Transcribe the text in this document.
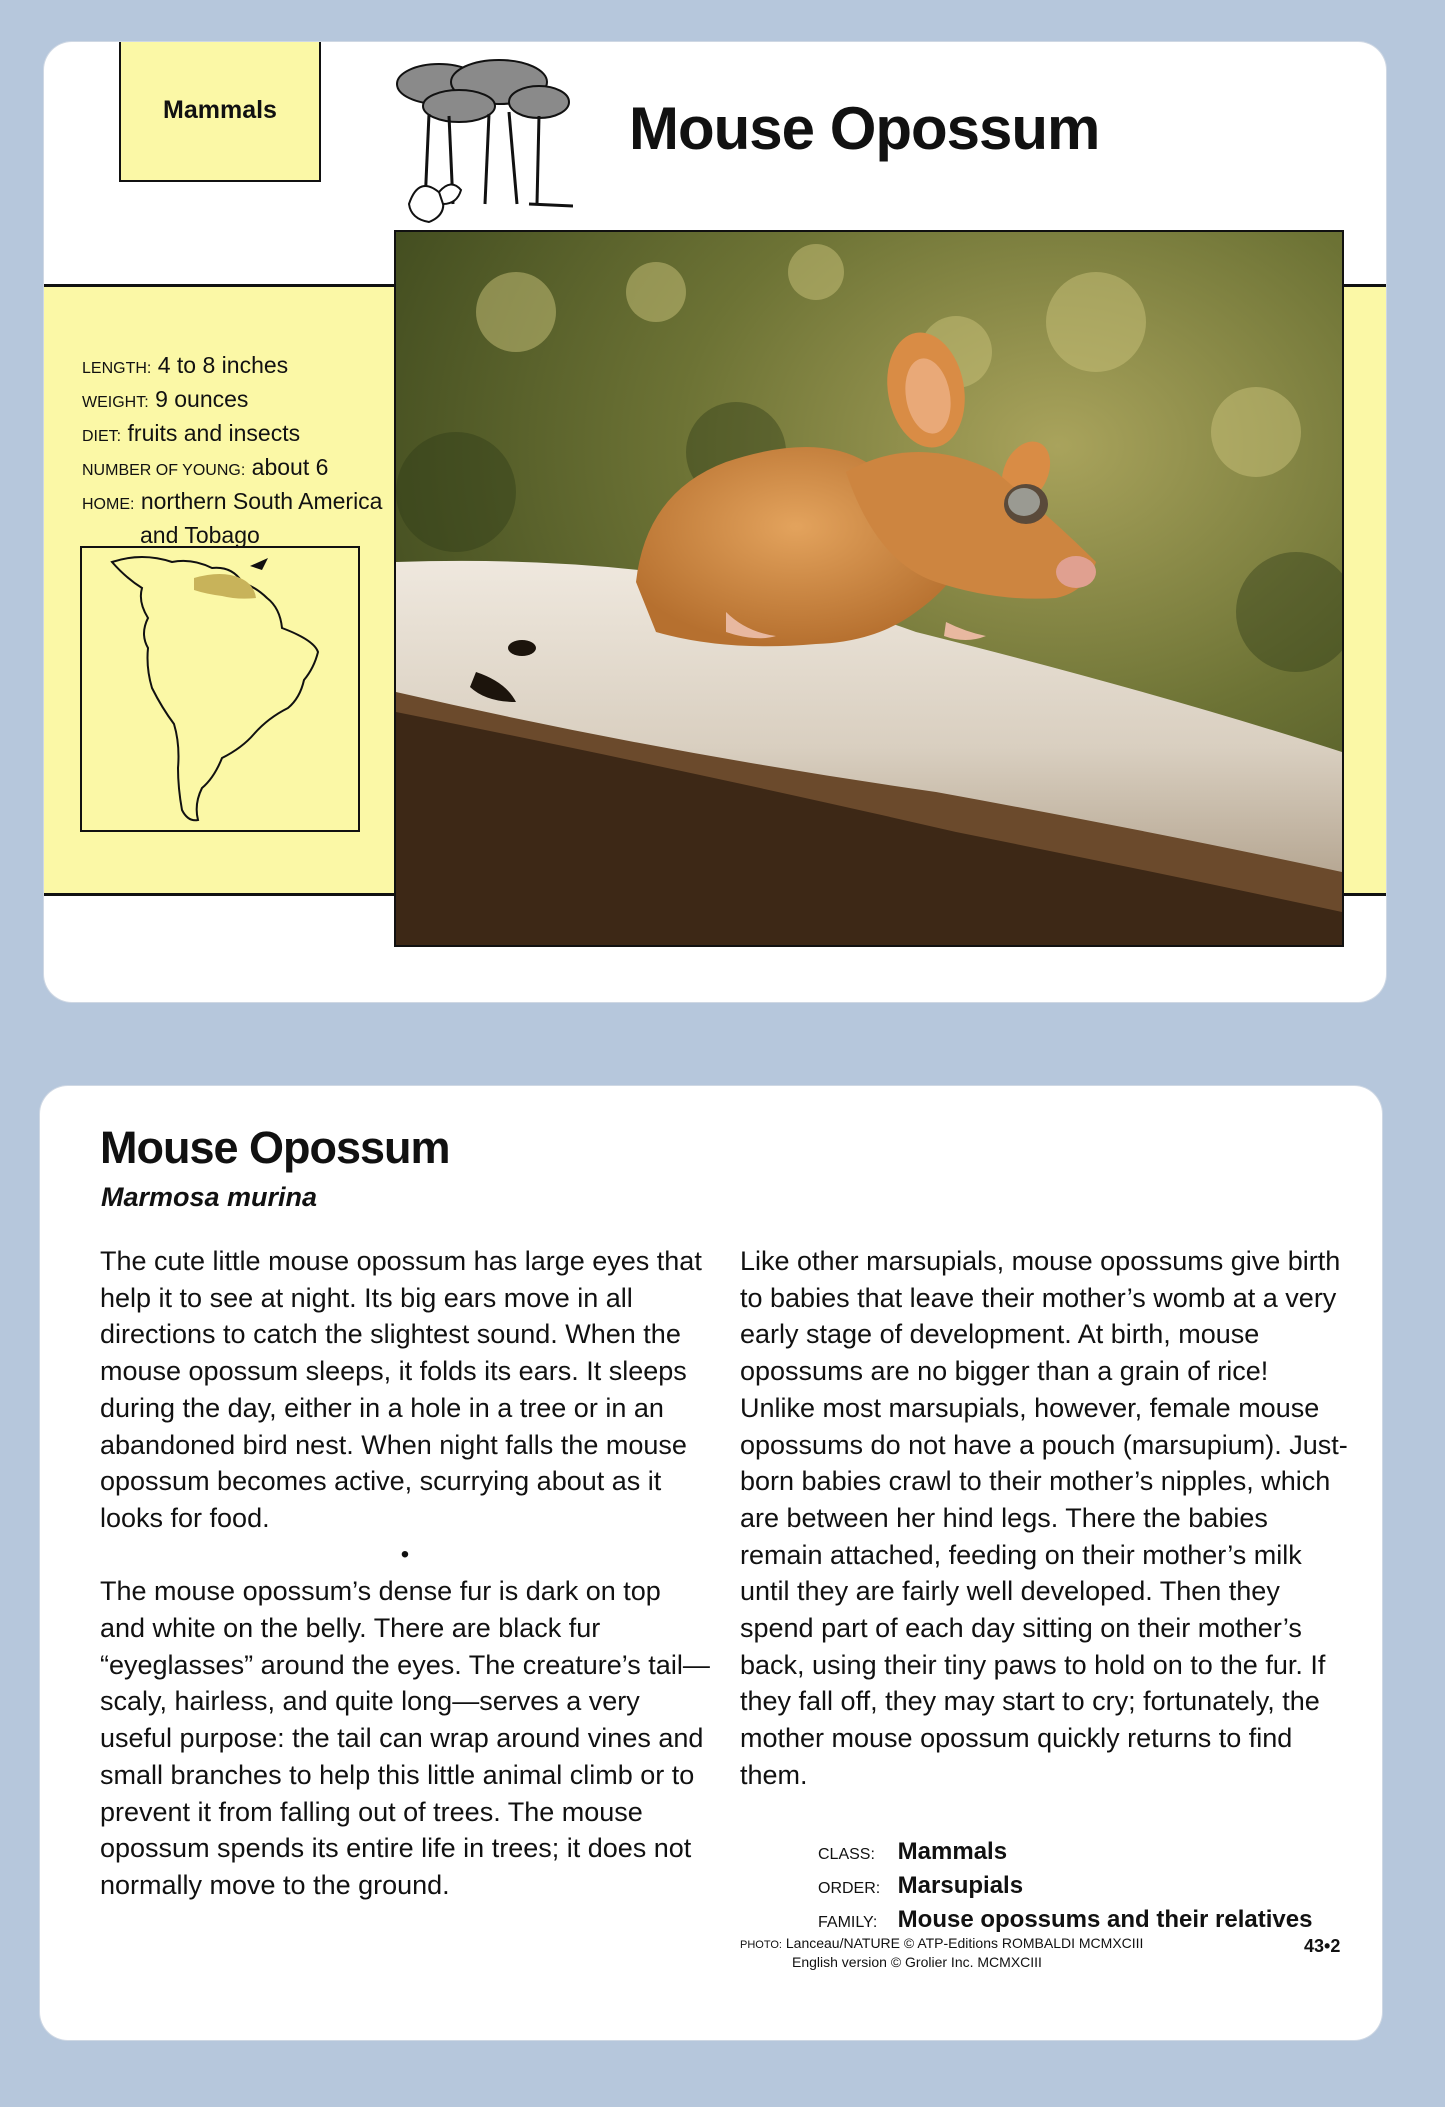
Mammals	Mouse Opossum
LENGTH: 4 to 8 inches
WEIGHT: 9 ounces
DIET: fruits and insects
NUMBER OF YOUNG: about 6
HOME: northern South America
and Tobago
Mouse Opossum
Marmosa murina

The cute little mouse opossum has large eyes that help it to see at night. Its big ears move in all directions to catch the slightest sound. When the mouse opossum sleeps, it folds its ears. It sleeps during the day, either in a hole in a tree or in an abandoned bird nest. When night falls the mouse opossum becomes active, scurrying about as it looks for food.

•

The mouse opossum’s dense fur is dark on top and white on the belly. There are black fur “eyeglasses” around the eyes. The creature’s tail—scaly, hairless, and quite long—serves a very useful purpose: the tail can wrap around vines and small branches to help this little animal climb or to prevent it from falling out of trees. The mouse opossum spends its entire life in trees; it does not normally move to the ground.

Like other marsupials, mouse opossums give birth to babies that leave their mother’s womb at a very early stage of development. At birth, mouse opossums are no bigger than a grain of rice! Unlike most marsupials, however, female mouse opossums do not have a pouch (marsupium). Just-born babies crawl to their mother’s nipples, which are between her hind legs. There the babies remain attached, feeding on their mother’s milk until they are fairly well developed. Then they spend part of each day sitting on their mother’s back, using their tiny paws to hold on to the fur. If they fall off, they may start to cry; fortunately, the mother mouse opossum quickly returns to find them.

CLASS: Mammals
ORDER: Marsupials
FAMILY: Mouse opossums and their relatives
PHOTO: Lanceau/NATURE © ATP-Editions ROMBALDI MCMXCIII
English version © Grolier Inc. MCMXCIII
43•2
